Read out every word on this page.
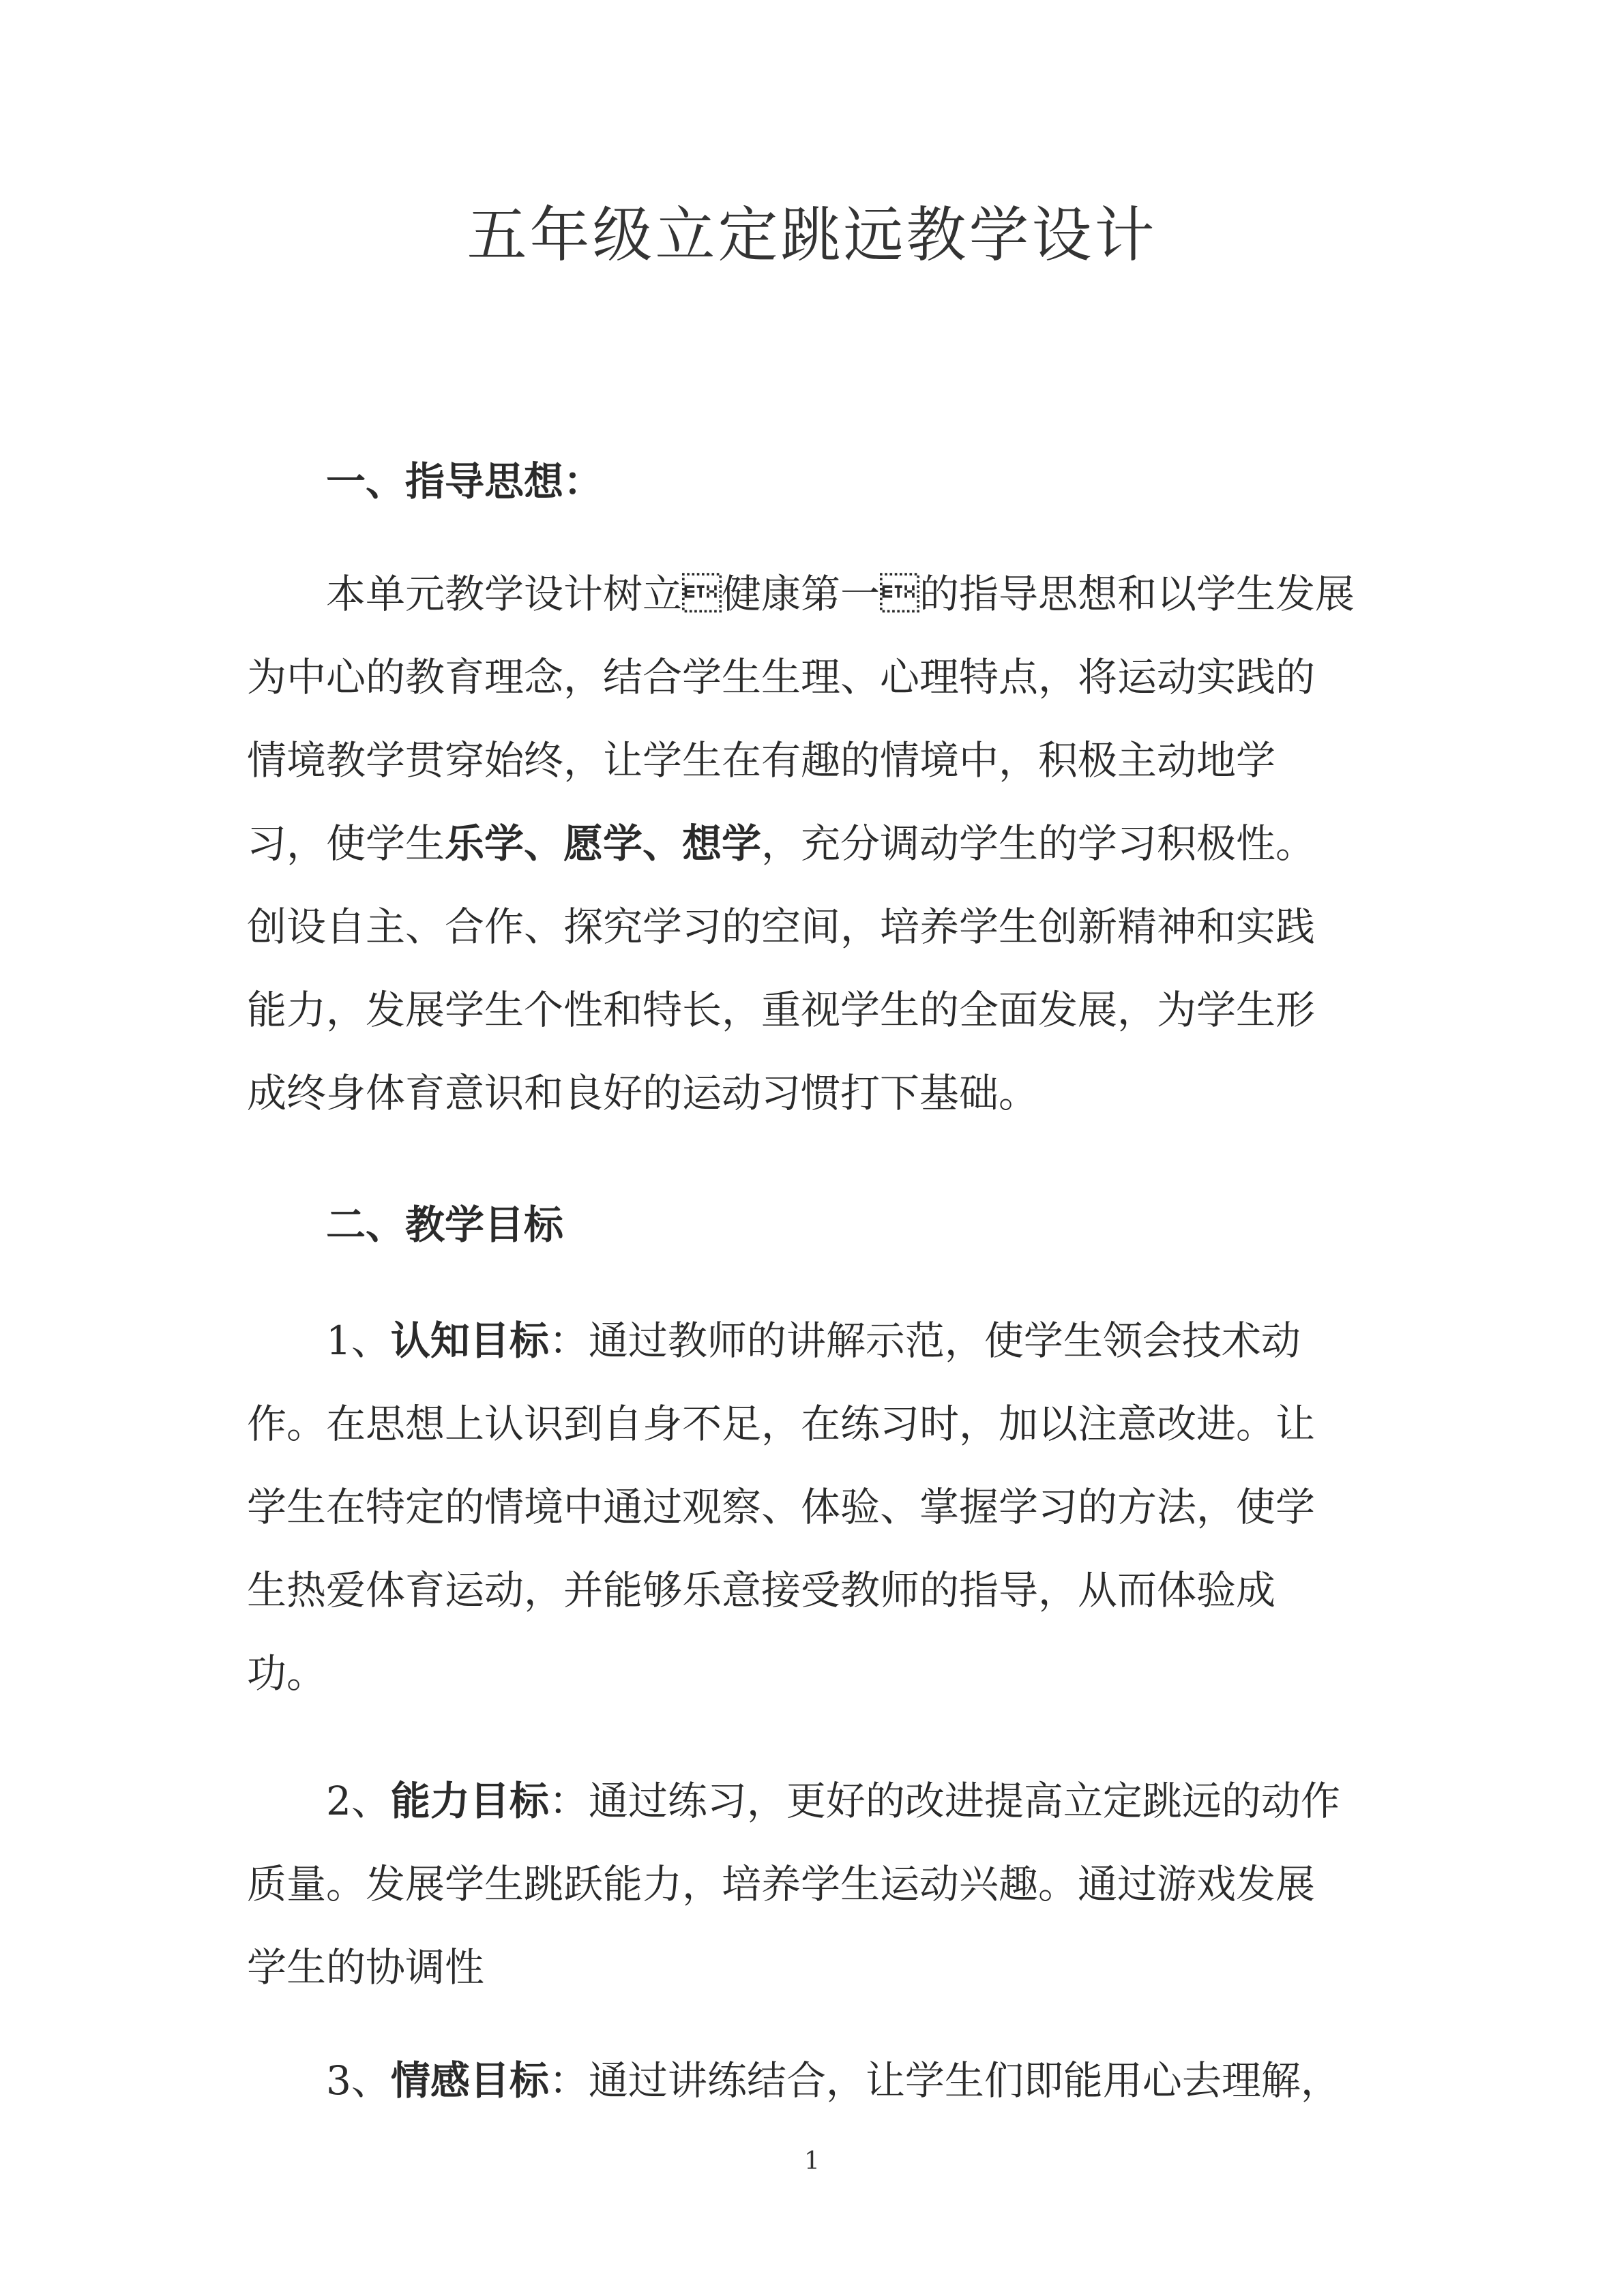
五年级立定跳远教学设计
一、指导思想：
本单元教学设计树立健康第一的指导思想和以学生发展
为中心的教育理念，结合学生生理、心理特点，将运动实践的
情境教学贯穿始终，让学生在有趣的情境中，积极主动地学
习，使学生乐学、愿学、想学，充分调动学生的学习积极性。
创设自主、合作、探究学习的空间，培养学生创新精神和实践
能力，发展学生个性和特长，重视学生的全面发展，为学生形
成终身体育意识和良好的运动习惯打下基础。
二、教学目标
1、认知目标：通过教师的讲解示范，使学生领会技术动
作。在思想上认识到自身不足，在练习时，加以注意改进。让
学生在特定的情境中通过观察、体验、掌握学习的方法，使学
生热爱体育运动，并能够乐意接受教师的指导，从而体验成
功。
2、能力目标：通过练习，更好的改进提高立定跳远的动作
质量。发展学生跳跃能力，培养学生运动兴趣。通过游戏发展
学生的协调性
3、情感目标：通过讲练结合，让学生们即能用心去理解，
1
